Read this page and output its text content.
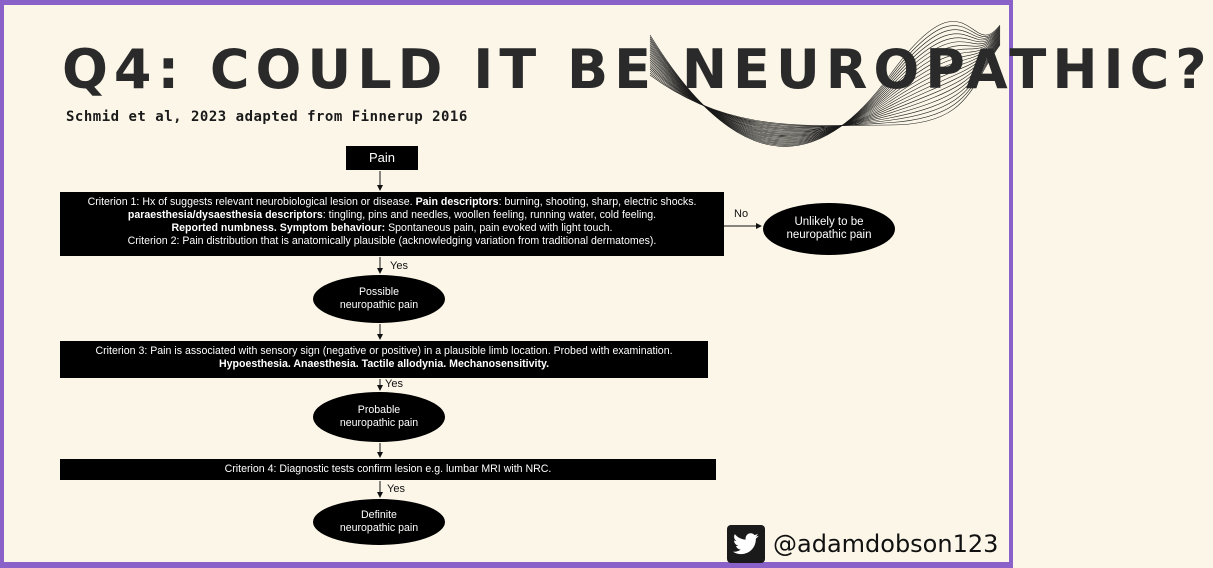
Q4: COULD IT BE NEUROPATHIC?
Schmid et al, 2023 adapted from Finnerup 2016
Pain
Criterion 1: Hx of suggests relevant neurobiological lesion or disease. Pain descriptors: burning, shooting, sharp, electric shocks. paraesthesia/dysaesthesia descriptors: tingling, pins and needles, woollen feeling, running water, cold feeling.
Reported numbness. Symptom behaviour: Spontaneous pain, pain evoked with light touch.
Criterion 2: Pain distribution that is anatomically plausible (acknowledging variation from traditional dermatomes).
No
Unlikely to be neuropathic pain
Yes
Possible neuropathic pain
Criterion 3: Pain is associated with sensory sign (negative or positive) in a plausible limb location. Probed with examination. Hypoesthesia. Anaesthesia. Tactile allodynia. Mechanosensitivity.
Yes
Probable neuropathic pain
Criterion 4: Diagnostic tests confirm lesion e.g. lumbar MRI with NRC.
Yes
Definite neuropathic pain
@adamdobson123
